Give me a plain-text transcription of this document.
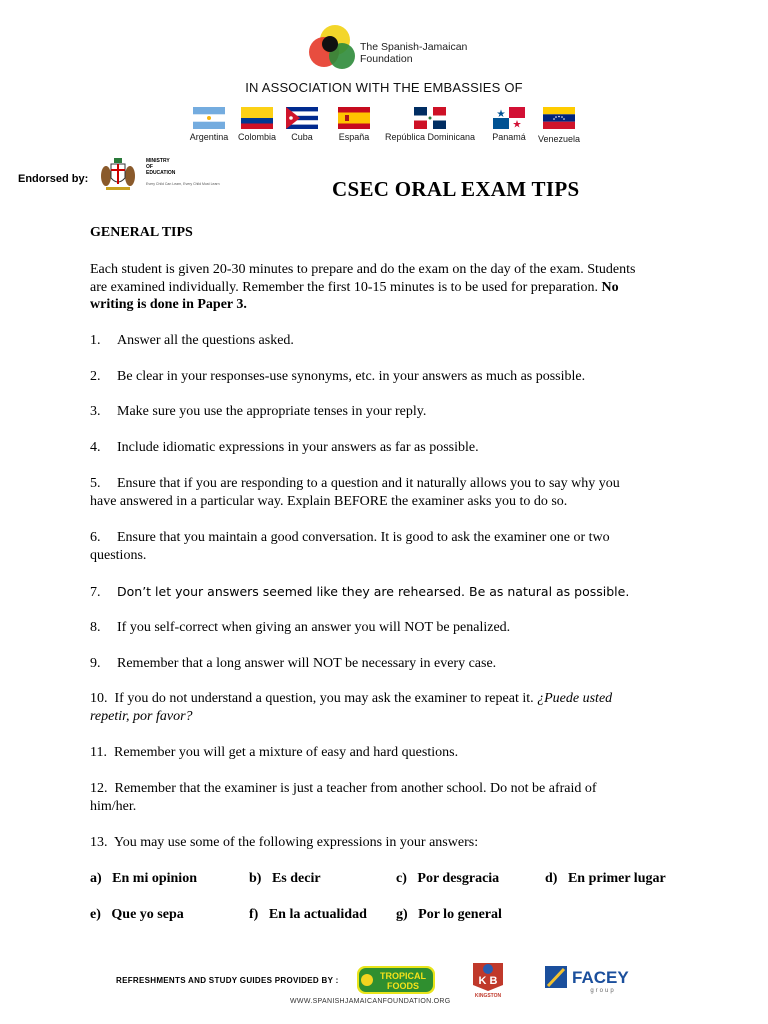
The Spanish-Jamaican
Foundation
IN ASSOCIATION WITH THE EMBASSIES OF
Argentina	Colombia	Cuba	España	República Dominicana	Panamá	Venezuela
Endorsed by:
MINISTRY
OF
EDUCATION
Every Child Can Learn, Every Child Must Learn	CSEC ORAL EXAM TIPS
GENERAL TIPS
Each student is given 20-30 minutes to prepare and do the exam on the day of the exam. Students
are examined individually. Remember the first 10-15 minutes is to be used for preparation. No
writing is done in Paper 3.
1. Answer all the questions asked.
2. Be clear in your responses-use synonyms, etc. in your answers as much as possible.
3. Make sure you use the appropriate tenses in your reply.
4. Include idiomatic expressions in your answers as far as possible.
5. Ensure that if you are responding to a question and it naturally allows you to say why you
have answered in a particular way. Explain BEFORE the examiner asks you to do so.
6. Ensure that you maintain a good conversation. It is good to ask the examiner one or two
questions.
7. Don’t let your answers seemed like they are rehearsed. Be as natural as possible.
8. If you self-correct when giving an answer you will NOT be penalized.
9. Remember that a long answer will NOT be necessary in every case.
10. If you do not understand a question, you may ask the examiner to repeat it. ¿Puede usted
repetir, por favor?
11. Remember you will get a mixture of easy and hard questions.
12. Remember that the examiner is just a teacher from another school. Do not be afraid of
him/her.
13. You may use some of the following expressions in your answers:
a) En mi opinion	b) Es decir	c) Por desgracia	d) En primer lugar
e) Que yo sepa	f) En la actualidad g) Por lo general
REFRESHMENTS AND STUDY GUIDES PROVIDED BY :	TROPICAL
FOODS	K B
KINGSTON
FACEY
group
WWW.SPANISHJAMAICANFOUNDATION.ORG
